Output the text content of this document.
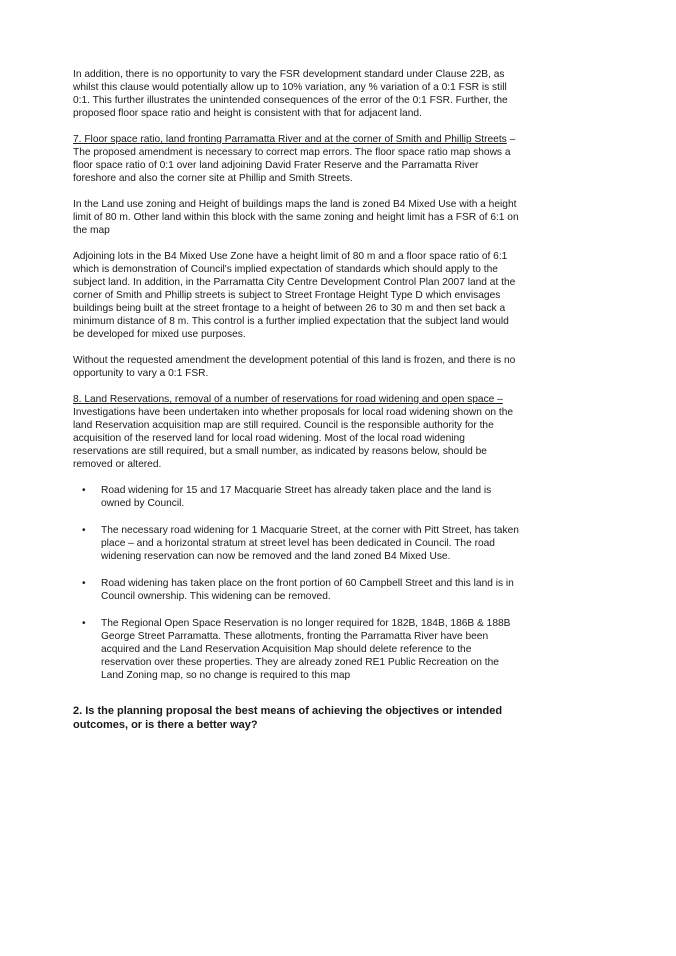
In addition, there is no opportunity to vary the FSR development standard under Clause 22B, as whilst this clause would potentially allow up to 10% variation, any % variation of a 0:1 FSR is still 0:1. This further illustrates the unintended consequences of the error of the 0:1 FSR. Further, the proposed floor space ratio and height is consistent with that for adjacent land.

7. Floor space ratio, land fronting Parramatta River and at the corner of Smith and Phillip Streets – The proposed amendment is necessary to correct map errors. The floor space ratio map shows a floor space ratio of 0:1 over land adjoining David Frater Reserve and the Parramatta River foreshore and also the corner site at Phillip and Smith Streets.

In the Land use zoning and Height of buildings maps the land is zoned B4 Mixed Use with a height limit of 80 m. Other land within this block with the same zoning and height limit has a FSR of 6:1 on the map

Adjoining lots in the B4 Mixed Use Zone have a height limit of 80 m and a floor space ratio of 6:1 which is demonstration of Council's implied expectation of standards which should apply to the subject land. In addition, in the Parramatta City Centre Development Control Plan 2007 land at the corner of Smith and Phillip streets is subject to Street Frontage Height Type D which envisages buildings being built at the street frontage to a height of between 26 to 30 m and then set back a minimum distance of 8 m. This control is a further implied expectation that the subject land would be developed for mixed use purposes.

Without the requested amendment the development potential of this land is frozen, and there is no opportunity to vary a 0:1 FSR.

8. Land Reservations, removal of a number of reservations for road widening and open space –
Investigations have been undertaken into whether proposals for local road widening shown on the land Reservation acquisition map are still required. Council is the responsible authority for the acquisition of the reserved land for local road widening. Most of the local road widening reservations are still required, but a small number, as indicated by reasons below, should be removed or altered.

• Road widening for 15 and 17 Macquarie Street has already taken place and the land is owned by Council.
• The necessary road widening for 1 Macquarie Street, at the corner with Pitt Street, has taken place – and a horizontal stratum at street level has been dedicated in Council. The road widening reservation can now be removed and the land zoned B4 Mixed Use.
• Road widening has taken place on the front portion of 60 Campbell Street and this land is in Council ownership. This widening can be removed.
• The Regional Open Space Reservation is no longer required for 182B, 184B, 186B & 188B George Street Parramatta. These allotments, fronting the Parramatta River have been acquired and the Land Reservation Acquisition Map should delete reference to the reservation over these properties. They are already zoned RE1 Public Recreation on the Land Zoning map, so no change is required to this map

2. Is the planning proposal the best means of achieving the objectives or intended outcomes, or is there a better way?
